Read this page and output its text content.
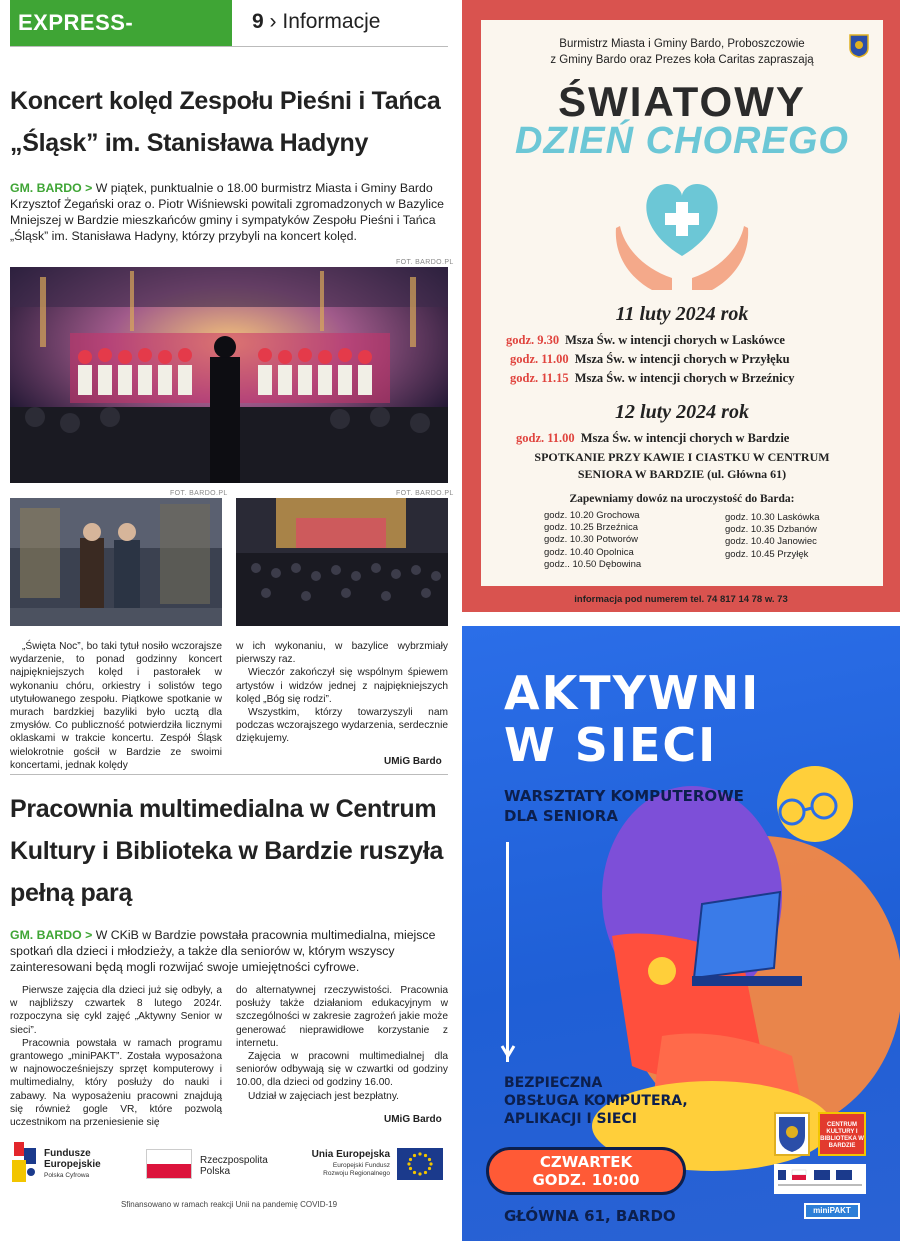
EXPRESS-MIEJSKI.PL
9 › Informacje
Koncert kolęd Zespołu Pieśni i Tańca
„Śląsk” im. Stanisława Hadyny
GM. BARDO > W piątek, punktualnie o 18.00 burmistrz Miasta i Gminy Bardo Krzysztof Żegański oraz o. Piotr Wiśniewski powitali zgromadzonych w Bazylice Mniejszej w Bardzie mieszkańców gminy i sympatyków Zespołu Pieśni i Tańca „Śląsk” im. Stanisława Hadyny, którzy przybyli na koncert kolęd.
FOT. BARDO.PL
FOT. BARDO.PL	FOT. BARDO.PL

„Święta Noc”, bo taki tytuł nosiło wczorajsze wydarzenie, to ponad godzinny koncert najpiękniejszych kolęd i pastorałek w wykonaniu chóru, orkiestry i solistów tego utytułowanego zespołu. Piątkowe spotkanie w murach bardzkiej bazyliki było ucztą dla zmysłów. Co publiczność potwierdziła licznymi oklaskami w trakcie koncertu. Zespół Śląsk wielokrotnie gościł w Bardzie ze swoimi koncertami, jednak kolędy

w ich wykonaniu, w bazylice wybrzmiały pierwszy raz.

Wieczór zakończył się wspólnym śpiewem artystów i widzów jednej z najpiękniejszych kolęd „Bóg się rodzi”.

Wszystkim, którzy towarzyszyli nam podczas wczorajszego wydarzenia, serdecznie dziękujemy.

UMiG Bardo
Pracownia multimedialna w Centrum
Kultury i Biblioteka w Bardzie ruszyła
pełną parą
GM. BARDO > W CKiB w Bardzie powstała pracownia multimedialna, miejsce spotkań dla dzieci i młodzieży, a także dla seniorów w, którym wszyscy zainteresowani będą mogli rozwijać swoje umiejętności cyfrowe.

Pierwsze zajęcia dla dzieci już się odbyły, a w najbliższy czwartek 8 lutego 2024r. rozpoczyna się cykl zajęć „Aktywny Senior w sieci”.

Pracownia powstała w ramach programu grantowego „miniPAKT”. Została wyposażona w najnowocześniejszy sprzęt komputerowy i multimedialny, który posłuży do nauki i zabawy. Na wyposażeniu pracowni znajdują się również gogle VR, które pozwolą uczestnikom na przeniesienie się

do alternatywnej rzeczywistości. Pracownia posłuży także działaniom edukacyjnym w szczególności w zakresie zagrożeń jakie może generować nieprawidłowe korzystanie z internetu.

Zajęcia w pracowni multimedialnej dla seniorów odbywają się w czwartki od godziny 10.00, dla dzieci od godziny 16.00.

Udział w zajęciach jest bezpłatny.

UMiG Bardo
Fundusze
Europejskie
Polska Cyfrowa
Rzeczpospolita
Polska
Unia Europejska
Europejski Fundusz
Rozwoju Regionalnego
Sfinansowano w ramach reakcji Unii na pandemię COVID-19
Burmistrz Miasta i Gminy Bardo, Proboszczowie
z Gminy Bardo oraz Prezes koła Caritas zapraszają
ŚWIATOWY
DZIEŃ CHOREGO
11 luty 2024 rok
godz. 9.30 Msza Św. w intencji chorych w Laskówce
godz. 11.00 Msza Św. w intencji chorych w Przyłęku
godz. 11.15 Msza Św. w intencji chorych w Brzeźnicy
12 luty 2024 rok
godz. 11.00 Msza Św. w intencji chorych w Bardzie
SPOTKANIE PRZY KAWIE I CIASTKU W CENTRUM
SENIORA W BARDZIE (ul. Główna 61)
Zapewniamy dowóz na uroczystość do Barda:
godz. 10.20 Grochowa
godz. 10.25 Brzeźnica
godz. 10.30 Potworów
godz. 10.40 Opolnica
godz.. 10.50 Dębowina
godz. 10.30 Laskówka
godz. 10.35 Dzbanów
godz. 10.40 Janowiec
godz. 10.45 Przyłęk
informacja pod numerem tel. 74 817 14 78 w. 73
AKTYWNI
W SIECI
WARSZTATY KOMPUTEROWE
DLA SENIORA
BEZPIECZNA
OBSŁUGA KOMPUTERA,
APLIKACJI I SIECI
CZWARTEK
GODZ. 10:00
GŁÓWNA 61, BARDO
CENTRUM KULTURY I BIBLIOTEKA W BARDZIE
miniPAKT
